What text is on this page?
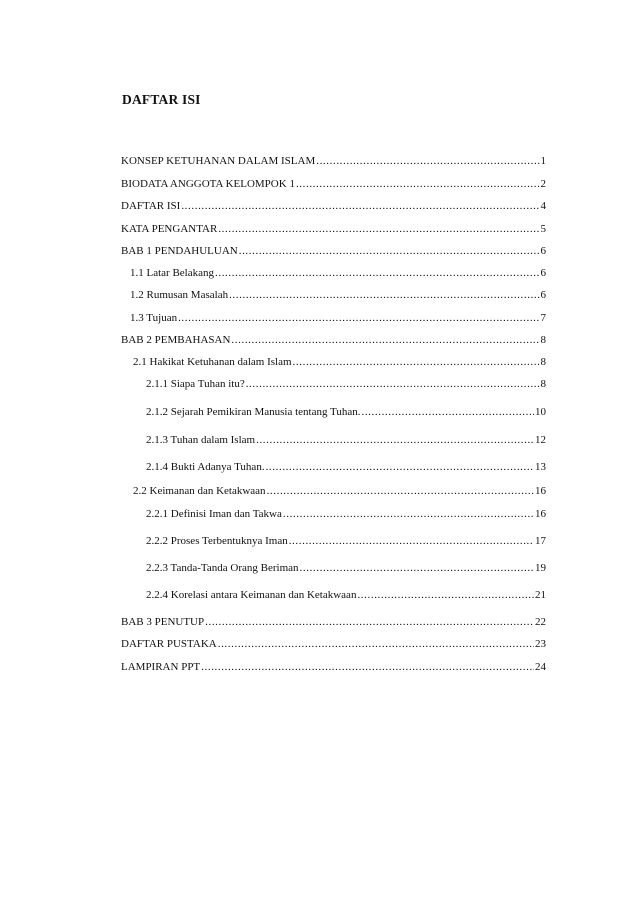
DAFTAR ISI
KONSEP KETUHANAN DALAM ISLAM .....	1
BIODATA ANGGOTA KELOMPOK 1 .....	2
DAFTAR ISI .....	4
KATA PENGANTAR .....	5
BAB 1 PENDAHULUAN .....	6
1.1 Latar Belakang .....	6
1.2 Rumusan Masalah .....	6
1.3 Tujuan .....	7
BAB 2 PEMBAHASAN .....	8
2.1 Hakikat Ketuhanan dalam Islam .....	8
2.1.1 Siapa Tuhan itu? .....	8
2.1.2 Sejarah Pemikiran Manusia tentang Tuhan. .....	10
2.1.3 Tuhan dalam Islam .....	12
2.1.4 Bukti Adanya Tuhan. .....	13
2.2 Keimanan dan Ketakwaan .....	16
2.2.1 Definisi Iman dan Takwa .....	16
2.2.2 Proses Terbentuknya Iman .....	17
2.2.3 Tanda-Tanda Orang Beriman .....	19
2.2.4 Korelasi antara Keimanan dan Ketakwaan .....	21
BAB 3 PENUTUP .....	22
DAFTAR PUSTAKA .....	23
LAMPIRAN PPT .....	24
